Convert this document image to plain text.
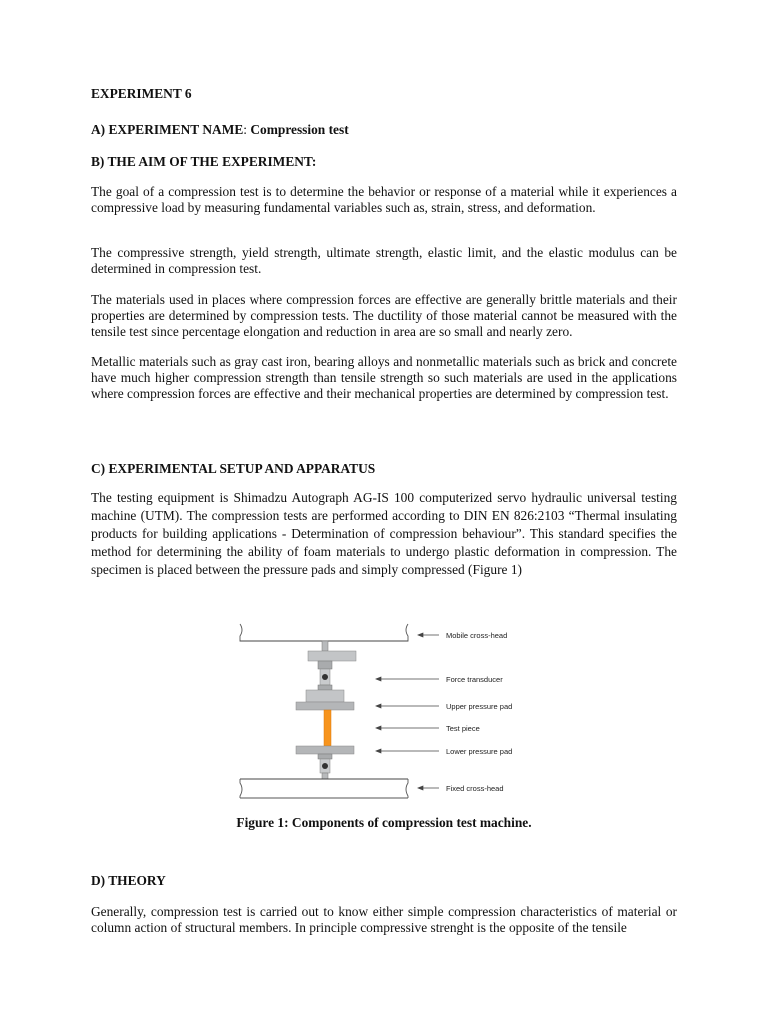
EXPERIMENT 6

A) EXPERIMENT NAME: Compression test

B) THE AIM OF THE EXPERIMENT:

The goal of a compression test is to determine the behavior or response of a material while it experiences a compressive load by measuring fundamental variables such as, strain, stress, and deformation.

The compressive strength, yield strength, ultimate strength, elastic limit, and the elastic modulus can be determined in compression test.

The materials used in places where compression forces are effective are generally brittle materials and their properties are determined by compression tests. The ductility of those material cannot be measured with the tensile test since percentage elongation and reduction in area are so small and nearly zero.

Metallic materials such as gray cast iron, bearing alloys and nonmetallic materials such as brick and concrete have much higher compression strength than tensile strength so such materials are used in the applications where compression forces are effective and their mechanical properties are determined by compression test.

C) EXPERIMENTAL SETUP AND APPARATUS

The testing equipment is Shimadzu Autograph AG-IS 100 computerized servo hydraulic universal testing machine (UTM). The compression tests are performed according to DIN EN 826:2103 “Thermal insulating products for building applications - Determination of compression behaviour”. This standard specifies the method for determining the ability of foam materials to undergo plastic deformation in compression. The specimen is placed between the pressure pads and simply compressed (Figure 1)

Mobile cross-head
Force transducer
Upper pressure pad
Test piece
Lower pressure pad
Fixed cross-head

Figure 1: Components of compression test machine.

D) THEORY

Generally, compression test is carried out to know either simple compression characteristics of material or column action of structural members. In principle compressive strenght is the opposite of the tensile
